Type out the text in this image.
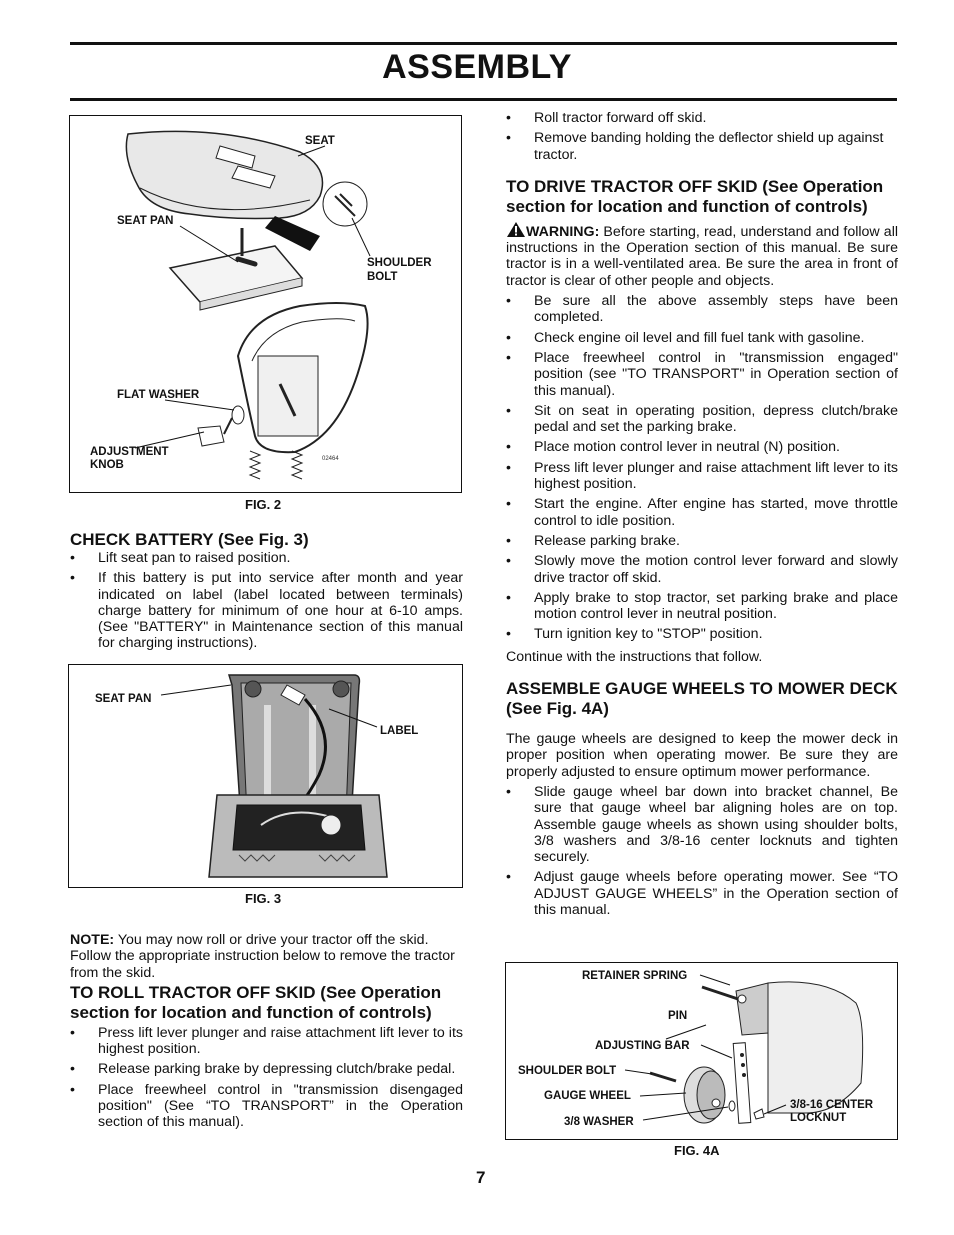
ASSEMBLY
SEAT
SEAT PAN
SHOULDER
BOLT
FLAT WASHER
ADJUSTMENT
KNOB	02464
FIG. 2
CHECK BATTERY (See Fig. 3)
• Lift seat pan to raised position.
• If this battery is put into service after month and year indicated on label (label located between terminals) charge battery for minimum of one hour at 6-10 amps. (See "BATTERY" in Maintenance section of this manual for charging instructions).
SEAT PAN
LABEL
FIG. 3

NOTE: You may now roll or drive your tractor off the skid. Follow the appropriate instruction below to remove the tractor from the skid.

TO ROLL TRACTOR OFF SKID (See Operation section for location and function of controls)
• Press lift lever plunger and raise attachment lift lever to its highest position.
• Release parking brake by depressing clutch/brake pedal.
• Place freewheel control in "transmission disengaged position" (See “TO TRANSPORT” in the Operation section of this manual).
• Roll tractor forward off skid.
• Remove banding holding the deflector shield up against tractor.
TO DRIVE TRACTOR OFF SKID (See Operation section for location and function of controls)

WARNING: Before starting, read, understand and follow all instructions in the Operation section of this manual. Be sure tractor is in a well-ventilated area. Be sure the area in front of tractor is clear of other people and objects.

• Be sure all the above assembly steps have been completed.
• Check engine oil level and fill fuel tank with gasoline.
• Place freewheel control in "transmission engaged" position (see "TO TRANSPORT" in Operation section of this manual).
• Sit on seat in operating position, depress clutch/brake pedal and set the parking brake.
• Place motion control lever in neutral (N) position.
• Press lift lever plunger and raise attachment lift lever to its highest position.
• Start the engine. After engine has started, move throttle control to idle position.
• Release parking brake.
• Slowly move the motion control lever forward and slowly drive tractor off skid.
• Apply brake to stop tractor, set parking brake and place motion control lever in neutral position.
• Turn ignition key to "STOP" position.

Continue with the instructions that follow.

ASSEMBLE GAUGE WHEELS TO MOWER DECK (See Fig. 4A)

The gauge wheels are designed to keep the mower deck in proper position when operating mower. Be sure they are properly adjusted to ensure optimum mower performance.

• Slide gauge wheel bar down into bracket channel, Be sure that gauge wheel bar aligning holes are on top. Assemble gauge wheels as shown using shoulder bolts, 3/8 washers and 3/8-16 center locknuts and tighten securely.
• Adjust gauge wheels before operating mower. See “TO ADJUST GAUGE WHEELS” in the Operation section of this manual.
RETAINER SPRING
PIN
ADJUSTING BAR
SHOULDER BOLT
GAUGE WHEEL
3/8 WASHER
3/8-16 CENTER
LOCKNUT
FIG. 4A
7
